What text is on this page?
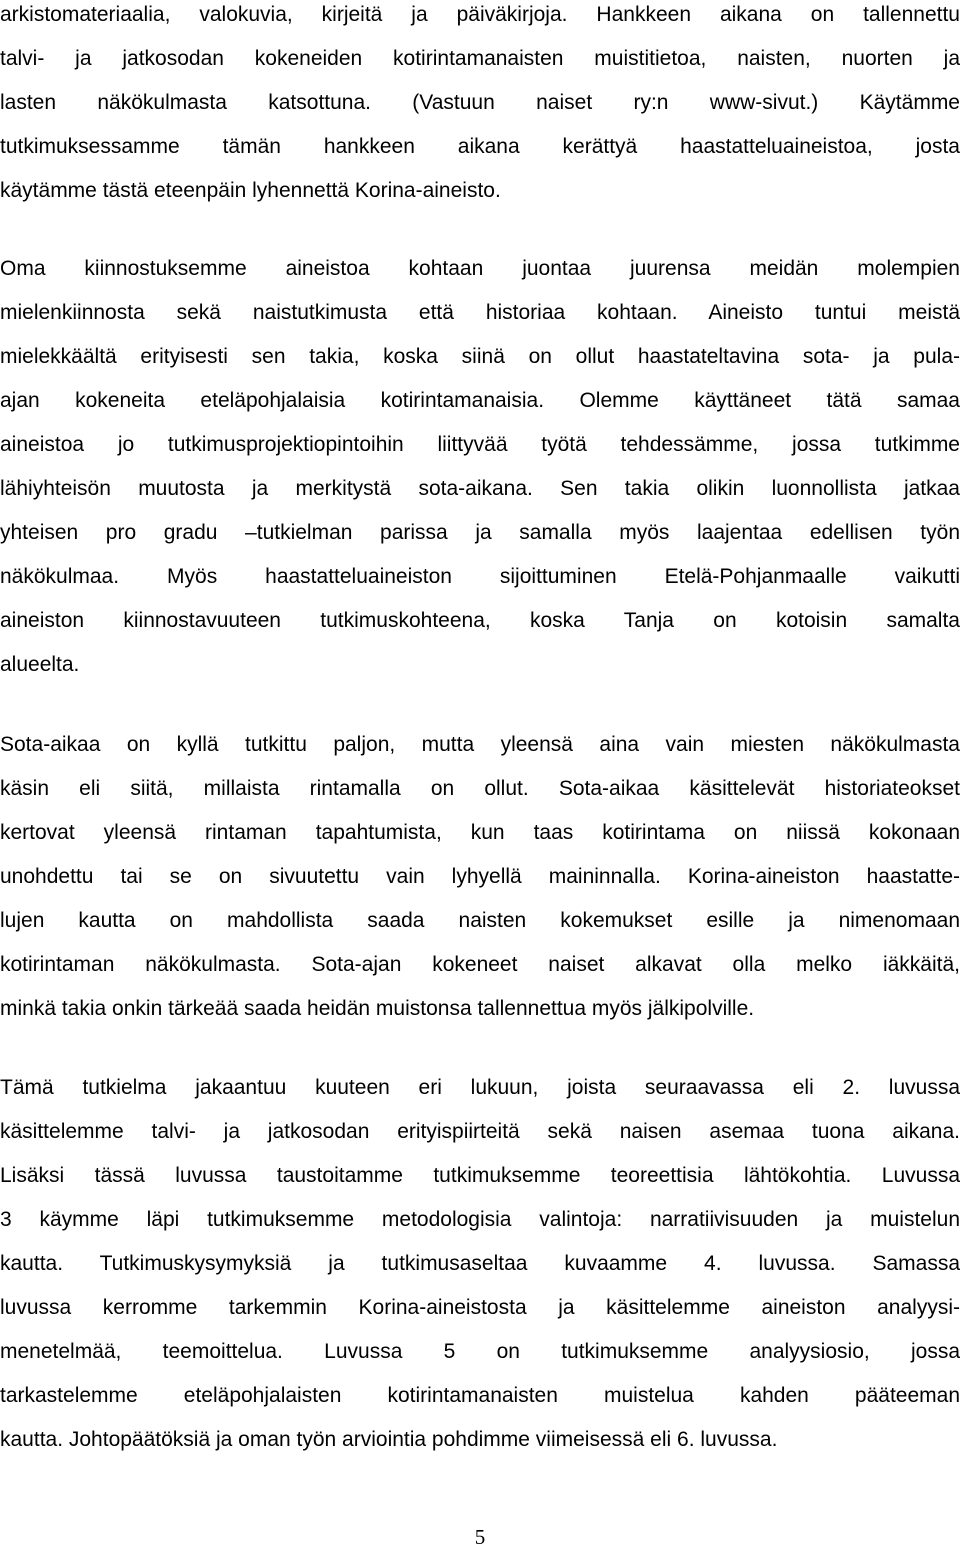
arkistomateriaalia, valokuvia, kirjeitä ja päiväkirjoja. Hankkeen aikana on tallennettu
talvi- ja jatkosodan kokeneiden kotirintamanaisten muistitietoa, naisten, nuorten ja
lasten näkökulmasta katsottuna. (Vastuun naiset ry:n www-sivut.) Käytämme
tutkimuksessamme tämän hankkeen aikana kerättyä haastatteluaineistoa, josta
käytämme tästä eteenpäin lyhennettä Korina-aineisto.
Oma kiinnostuksemme aineistoa kohtaan juontaa juurensa meidän molempien
mielenkiinnosta sekä naistutkimusta että historiaa kohtaan. Aineisto tuntui meistä
mielekkäältä erityisesti sen takia, koska siinä on ollut haastateltavina sota- ja pula-
ajan kokeneita eteläpohjalaisia kotirintamanaisia. Olemme käyttäneet tätä samaa
aineistoa jo tutkimusprojektiopintoihin liittyvää työtä tehdessämme, jossa tutkimme
lähiyhteisön muutosta ja merkitystä sota-aikana. Sen takia olikin luonnollista jatkaa
yhteisen pro gradu –tutkielman parissa ja samalla myös laajentaa edellisen työn
näkökulmaa. Myös haastatteluaineiston sijoittuminen Etelä-Pohjanmaalle vaikutti
aineiston kiinnostavuuteen tutkimuskohteena, koska Tanja on kotoisin samalta
alueelta.
Sota-aikaa on kyllä tutkittu paljon, mutta yleensä aina vain miesten näkökulmasta
käsin eli siitä, millaista rintamalla on ollut. Sota-aikaa käsittelevät historiateokset
kertovat yleensä rintaman tapahtumista, kun taas kotirintama on niissä kokonaan
unohdettu tai se on sivuutettu vain lyhyellä maininnalla. Korina-aineiston haastatte-
lujen kautta on mahdollista saada naisten kokemukset esille ja nimenomaan
kotirintaman näkökulmasta. Sota-ajan kokeneet naiset alkavat olla melko iäkkäitä,
minkä takia onkin tärkeää saada heidän muistonsa tallennettua myös jälkipolville.
Tämä tutkielma jakaantuu kuuteen eri lukuun, joista seuraavassa eli 2. luvussa
käsittelemme talvi- ja jatkosodan erityispiirteitä sekä naisen asemaa tuona aikana.
Lisäksi tässä luvussa taustoitamme tutkimuksemme teoreettisia lähtökohtia. Luvussa
3 käymme läpi tutkimuksemme metodologisia valintoja: narratiivisuuden ja muistelun
kautta. Tutkimuskysymyksiä ja tutkimusaseltaa kuvaamme 4. luvussa. Samassa
luvussa kerromme tarkemmin Korina-aineistosta ja käsittelemme aineiston analyysi-
menetelmää, teemoittelua. Luvussa 5 on tutkimuksemme analyysiosio, jossa
tarkastelemme eteläpohjalaisten kotirintamanaisten muistelua kahden pääteeman
kautta. Johtopäätöksiä ja oman työn arviointia pohdimme viimeisessä eli 6. luvussa.
5
